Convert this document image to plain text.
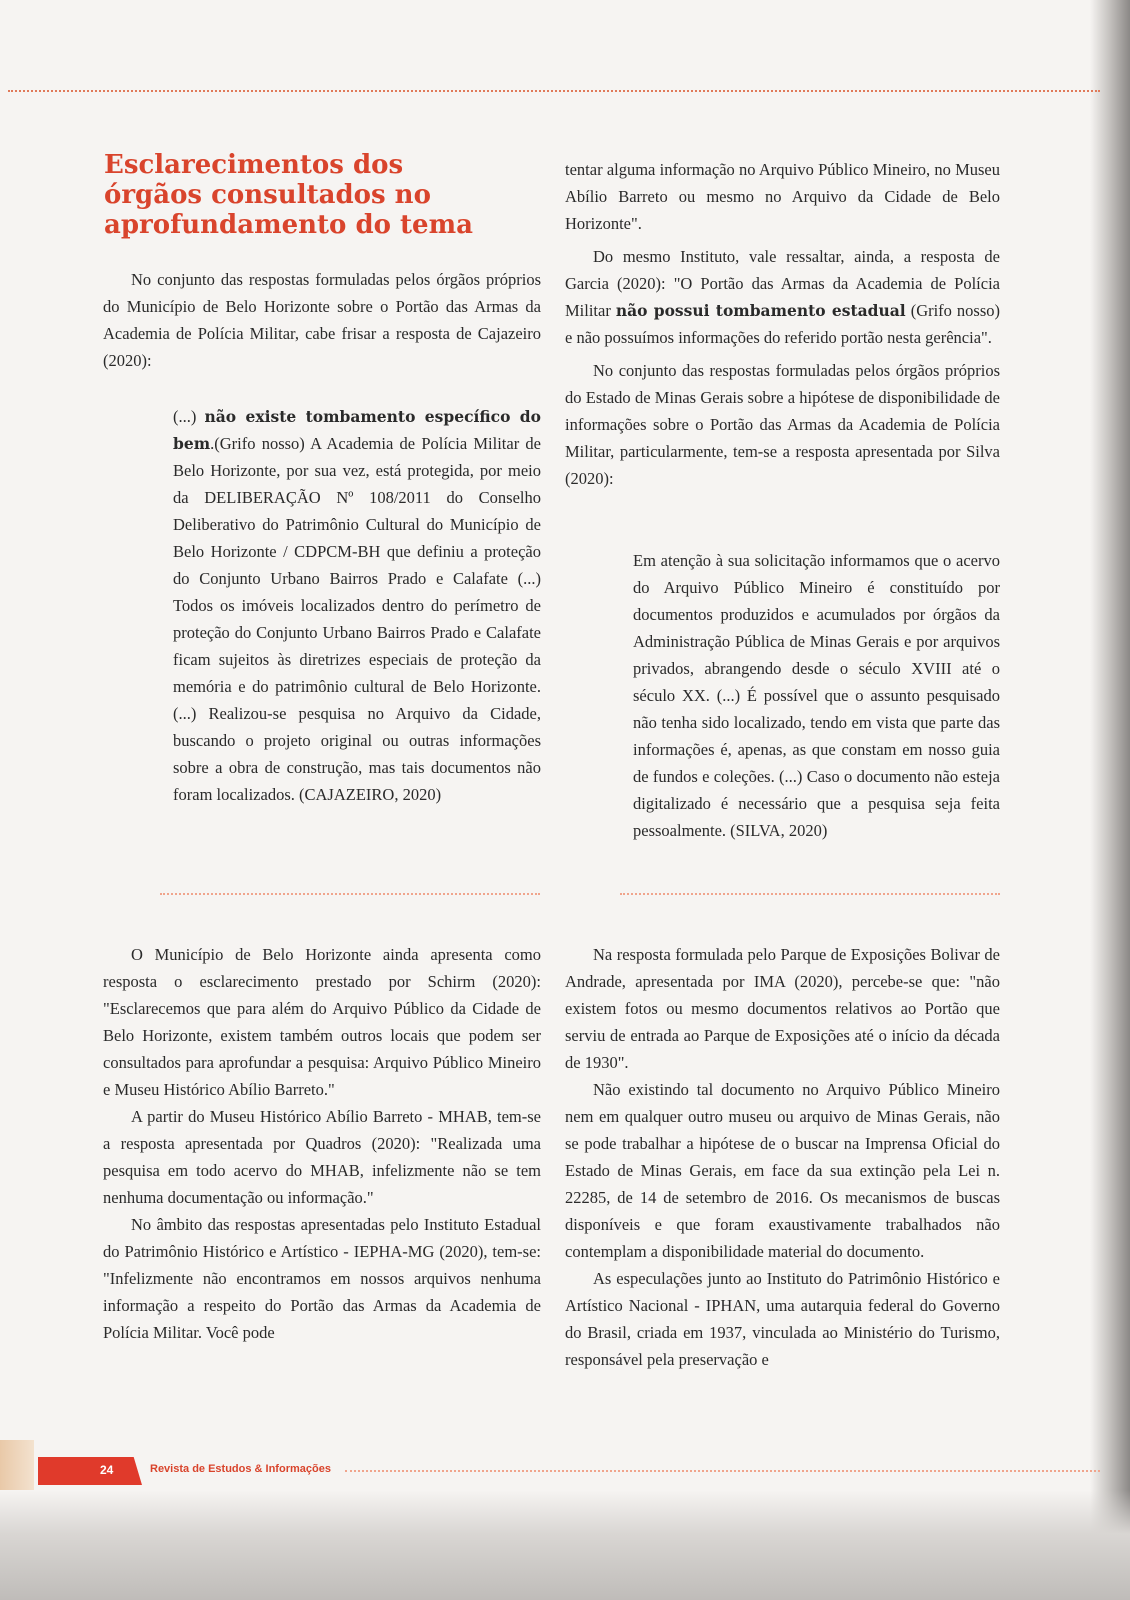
Esclarecimentos dos
órgãos consultados no
aprofundamento do tema

No conjunto das respostas formuladas pelos órgãos próprios do Município de Belo Horizonte sobre o Portão das Armas da Academia de Polícia Militar, cabe frisar a resposta de Cajazeiro (2020):

(...) não existe tombamento específico do bem.(Grifo nosso) A Academia de Polícia Militar de Belo Horizonte, por sua vez, está protegida, por meio da DELIBERAÇÃO Nº 108/2011 do Conselho Deliberativo do Patrimônio Cultural do Município de Belo Horizonte / CDPCM-BH que definiu a proteção do Conjunto Urbano Bairros Prado e Calafate (...) Todos os imóveis localizados dentro do perímetro de proteção do Conjunto Urbano Bairros Prado e Calafate ficam sujeitos às diretrizes especiais de proteção da memória e do patrimônio cultural de Belo Horizonte. (...) Realizou-se pesquisa no Arquivo da Cidade, buscando o projeto original ou outras informações sobre a obra de construção, mas tais documentos não foram localizados. (CAJAZEIRO, 2020)

tentar alguma informação no Arquivo Público Mineiro, no Museu Abílio Barreto ou mesmo no Arquivo da Cidade de Belo Horizonte".

Do mesmo Instituto, vale ressaltar, ainda, a resposta de Garcia (2020): "O Portão das Armas da Academia de Polícia Militar não possui tombamento estadual (Grifo nosso) e não possuímos informações do referido portão nesta gerência".

No conjunto das respostas formuladas pelos órgãos próprios do Estado de Minas Gerais sobre a hipótese de disponibilidade de informações sobre o Portão das Armas da Academia de Polícia Militar, particularmente, tem-se a resposta apresentada por Silva (2020):

Em atenção à sua solicitação informamos que o acervo do Arquivo Público Mineiro é constituído por documentos produzidos e acumulados por órgãos da Administração Pública de Minas Gerais e por arquivos privados, abrangendo desde o século XVIII até o século XX. (...) É possível que o assunto pesquisado não tenha sido localizado, tendo em vista que parte das informações é, apenas, as que constam em nosso guia de fundos e coleções. (...) Caso o documento não esteja digitalizado é necessário que a pesquisa seja feita pessoalmente. (SILVA, 2020)

O Município de Belo Horizonte ainda apresenta como resposta o esclarecimento prestado por Schirm (2020): "Esclarecemos que para além do Arquivo Público da Cidade de Belo Horizonte, existem também outros locais que podem ser consultados para aprofundar a pesquisa: Arquivo Público Mineiro e Museu Histórico Abílio Barreto."

A partir do Museu Histórico Abílio Barreto - MHAB, tem-se a resposta apresentada por Quadros (2020): "Realizada uma pesquisa em todo acervo do MHAB, infelizmente não se tem nenhuma documentação ou informação."

No âmbito das respostas apresentadas pelo Instituto Estadual do Patrimônio Histórico e Artístico - IEPHA-MG (2020), tem-se: "Infelizmente não encontramos em nossos arquivos nenhuma informação a respeito do Portão das Armas da Academia de Polícia Militar. Você pode

Na resposta formulada pelo Parque de Exposições Bolivar de Andrade, apresentada por IMA (2020), percebe-se que: "não existem fotos ou mesmo documentos relativos ao Portão que serviu de entrada ao Parque de Exposições até o início da década de 1930".

Não existindo tal documento no Arquivo Público Mineiro nem em qualquer outro museu ou arquivo de Minas Gerais, não se pode trabalhar a hipótese de o buscar na Imprensa Oficial do Estado de Minas Gerais, em face da sua extinção pela Lei n. 22285, de 14 de setembro de 2016. Os mecanismos de buscas disponíveis e que foram exaustivamente trabalhados não contemplam a disponibilidade material do documento.

As especulações junto ao Instituto do Patrimônio Histórico e Artístico Nacional - IPHAN, uma autarquia federal do Governo do Brasil, criada em 1937, vinculada ao Ministério do Turismo, responsável pela preservação e

24	Revista de Estudos & Informações
